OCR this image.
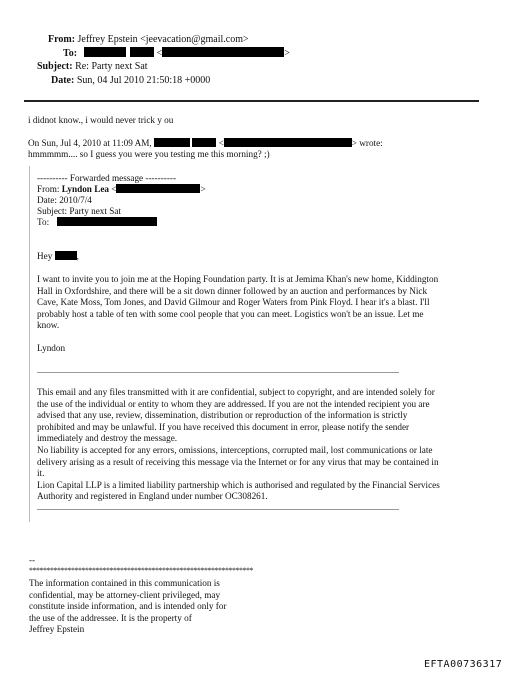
From: Jeffrey Epstein <jeevacation@gmail.com>
To:	<	>
Subject: Re: Party next Sat
Date: Sun, 04 Jul 2010 21:50:18 +0000
i didnot know., i would never trick y ou
On Sun, Jul 4, 2010 at 11:09 AM,	<	> wrote:
hmmmmm.... so I guess you were you testing me this morning? ;)
---------- Forwarded message ----------
From: Lyndon Lea <	>
Date: 2010/7/4
Subject: Party next Sat
To:
Hey	,
I want to invite you to join me at the Hoping Foundation party. It is at Jemima Khan's new home, Kiddington
Hall in Oxfordshire, and there will be a sit down dinner followed by an auction and performances by Nick
Cave, Kate Moss, Tom Jones, and David Gilmour and Roger Waters from Pink Floyd. I hear it's a blast. I'll
probably host a table of ten with some cool people that you can meet. Logistics won't be an issue. Let me
know.
Lyndon
This email and any files transmitted with it are confidential, subject to copyright, and are intended solely for
the use of the individual or entity to whom they are addressed. If you are not the intended recipient you are
advised that any use, review, dissemination, distribution or reproduction of the information is strictly
prohibited and may be unlawful. If you have received this document in error, please notify the sender
immediately and destroy the message.
No liability is accepted for any errors, omissions, interceptions, corrupted mail, lost communications or late
delivery arising as a result of receiving this message via the Internet or for any virus that may be contained in
it.
Lion Capital LLP is a limited liability partnership which is authorised and regulated by the Financial Services
Authority and registered in England under number OC308261.
--
****************************************************************
The information contained in this communication is
confidential, may be attorney-client privileged, may
constitute inside information, and is intended only for
the use of the addressee. It is the property of
Jeffrey Epstein
EFTA00736317
